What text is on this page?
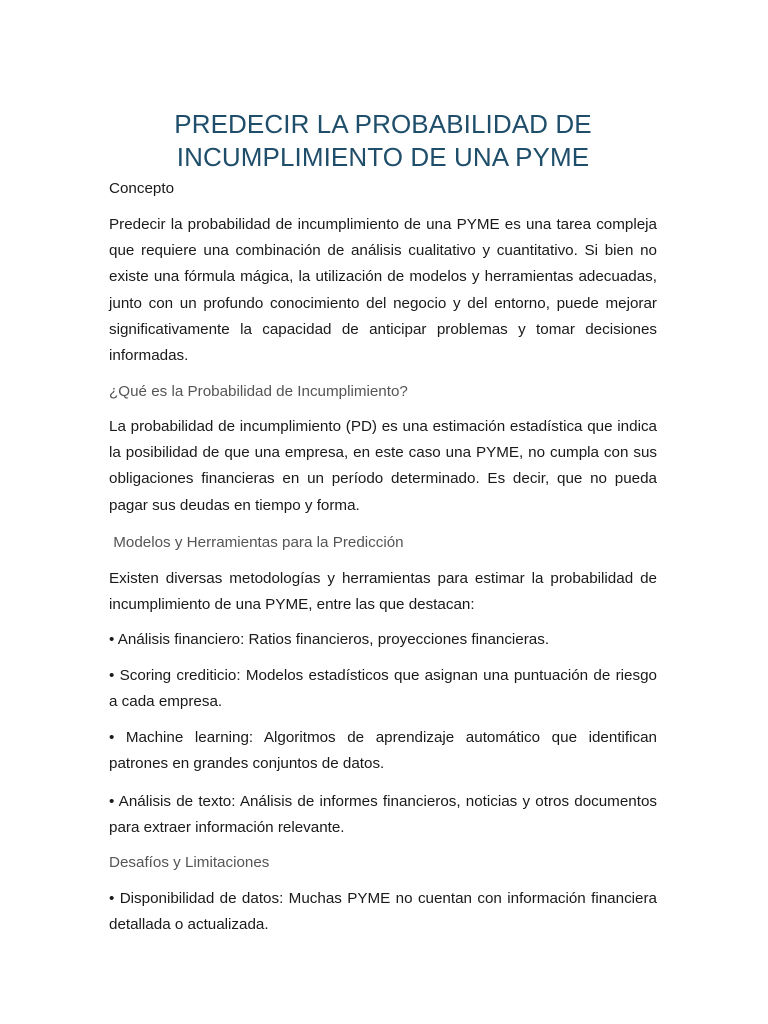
PREDECIR LA PROBABILIDAD DE INCUMPLIMIENTO DE UNA PYME
Concepto
Predecir la probabilidad de incumplimiento de una PYME es una tarea compleja que requiere una combinación de análisis cualitativo y cuantitativo. Si bien no existe una fórmula mágica, la utilización de modelos y herramientas adecuadas, junto con un profundo conocimiento del negocio y del entorno, puede mejorar significativamente la capacidad de anticipar problemas y tomar decisiones informadas.
¿Qué es la Probabilidad de Incumplimiento?
La probabilidad de incumplimiento (PD) es una estimación estadística que indica la posibilidad de que una empresa, en este caso una PYME, no cumpla con sus obligaciones financieras en un período determinado. Es decir, que no pueda pagar sus deudas en tiempo y forma.
Modelos y Herramientas para la Predicción
Existen diversas metodologías y herramientas para estimar la probabilidad de incumplimiento de una PYME, entre las que destacan:
• Análisis financiero: Ratios financieros, proyecciones financieras.
• Scoring crediticio: Modelos estadísticos que asignan una puntuación de riesgo a cada empresa.
• Machine learning: Algoritmos de aprendizaje automático que identifican patrones en grandes conjuntos de datos.
• Análisis de texto: Análisis de informes financieros, noticias y otros documentos para extraer información relevante.
Desafíos y Limitaciones
• Disponibilidad de datos: Muchas PYME no cuentan con información financiera detallada o actualizada.
